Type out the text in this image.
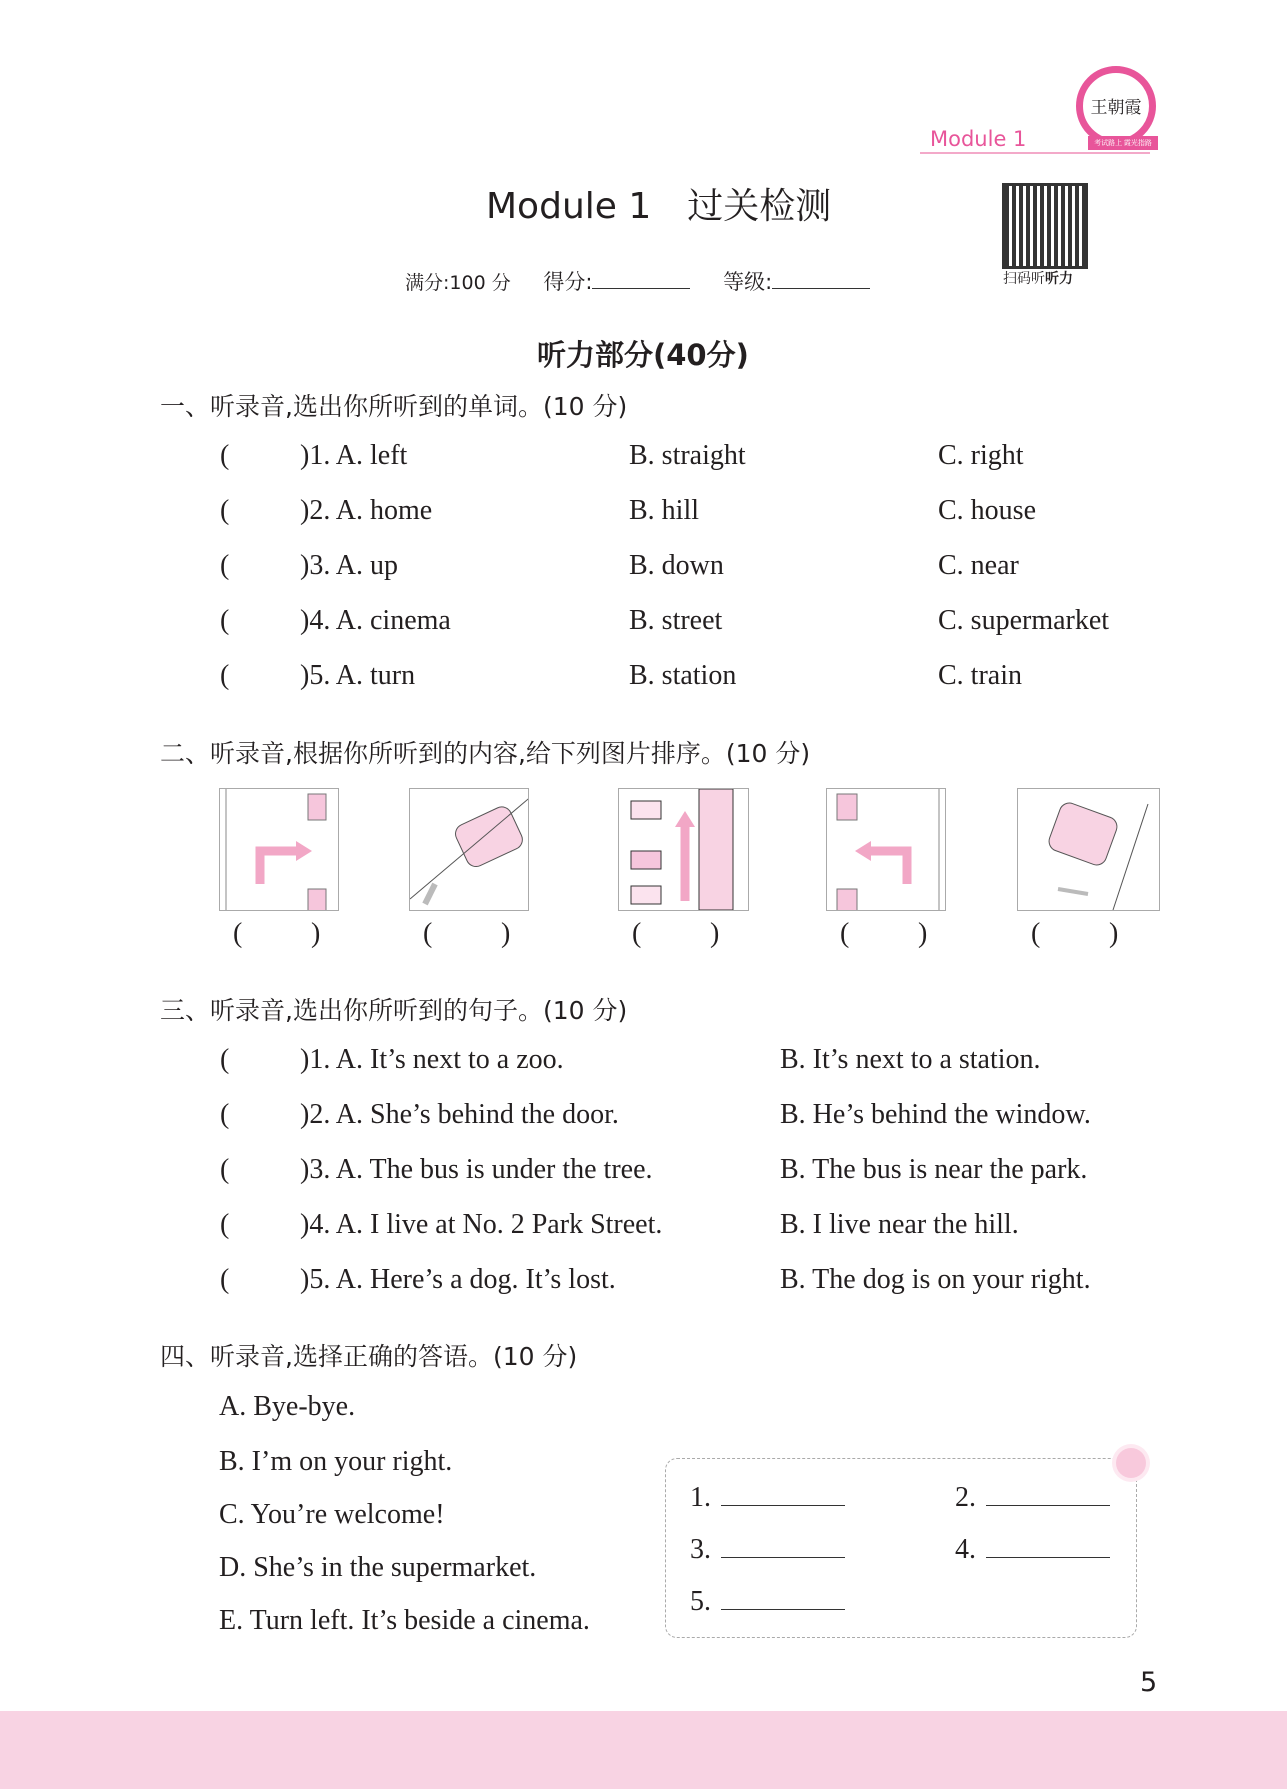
Module 1
王朝霞
考试路上 霞光指路
Module 1　过关检测
扫码听听力
满分:100 分 得分:	等级:
听力部分(40分)
一、听录音,选出你所听到的单词。(10 分)
二、听录音,根据你所听到的内容,给下列图片排序。(10 分)
三、听录音,选出你所听到的句子。(10 分)
四、听录音,选择正确的答语。(10 分)
5
(	)1. A. left	B. straight	C. right
(	)2. A. home	B. hill	C. house
(	)3. A. up	B. down	C. near
(	)4. A. cinema	B. street	C. supermarket
(	)5. A. turn	B. station	C. train
( )	( )	( )	( )	( )
(	)1. A. It’s next to a zoo.	B. It’s next to a station.
(	)2. A. She’s behind the door.	B. He’s behind the window.
(	)3. A. The bus is under the tree.	B. The bus is near the park.
(	)4. A. I live at No. 2 Park Street.	B. I live near the hill.
(	)5. A. Here’s a dog. It’s lost.	B. The dog is on your right.
A. Bye-bye.
B. I’m on your right.
C. You’re welcome!
D. She’s in the supermarket.
E. Turn left. It’s beside a cinema.
1.	2.
3.	4.
5.
